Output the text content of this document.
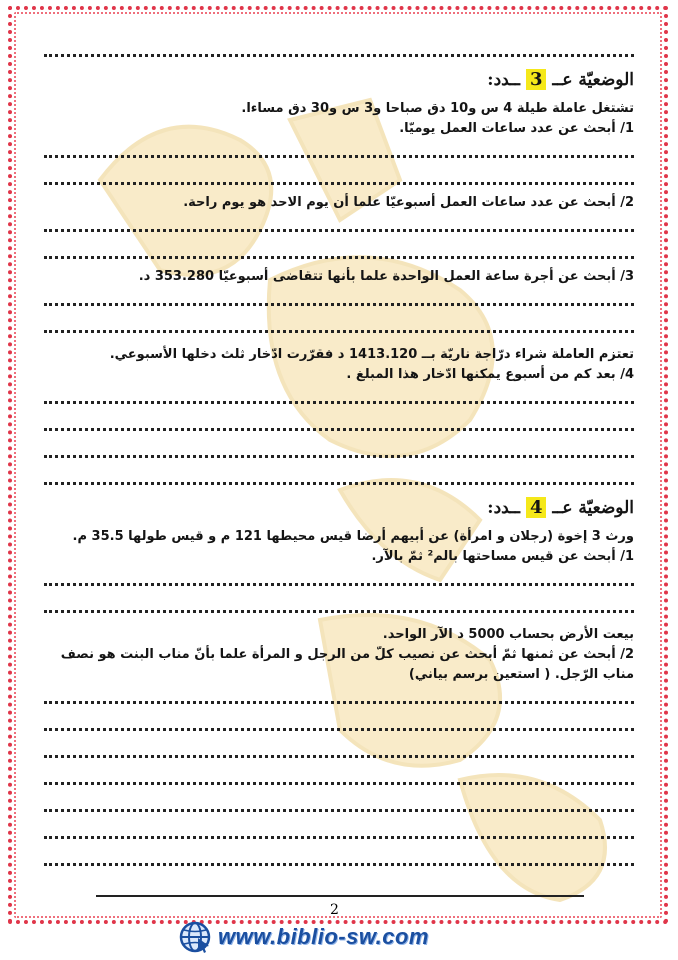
الوضعيّة عــ 3 ــدد:

تشتغل عاملة طيلة 4 س و10 دق صباحا و3 س و30 دق مساءا.

1/ أبحث عن عدد ساعات العمل يوميّا.

2/ أبحث عن عدد ساعات العمل أسبوعيّا علما أن يوم الاحد هو يوم راحة.

3/ أبحث عن أجرة ساعة العمل الواحدة علما بأنها تتقاضى أسبوعيّا 353.280 د.

تعتزم العاملة شراء درّاجة ناريّة بــ 1413.120 د فقرّرت ادّخار ثلث دخلها الأسبوعي.

4/ بعد كم من أسبوع يمكنها ادّخار هذا المبلغ .

الوضعيّة عــ 4 ــدد:

ورث 3 إخوة (رجلان و امرأة) عن أبيهم أرضا قيس محيطها 121 م و قيس طولها 35.5 م.

1/ أبحث عن قيس مساحتها بالم² ثمّ بالآر.

بيعت الأرض بحساب 5000 د الآر الواحد.

2/ أبحث عن ثمنها ثمّ أبحث عن نصيب كلّ من الرجل و المرأة علما بأنّ مناب البنت هو نصف

مناب الرّجل. ( استعين برسم بياني)

2
www.biblio-sw.com
